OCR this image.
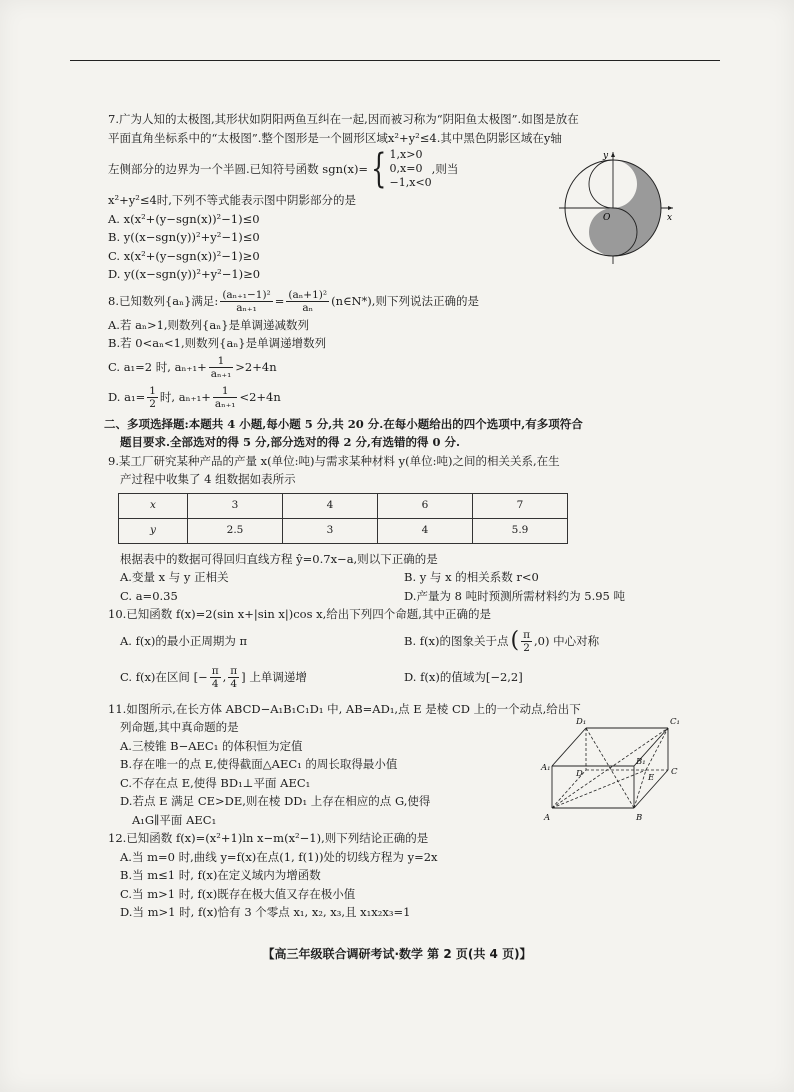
7.广为人知的太极图,其形状如阴阳两鱼互纠在一起,因而被习称为“阴阳鱼太极图”.如图是放在
平面直角坐标系中的“太极图”.整个图形是一个圆形区域x²+y²≤4.其中黑色阴影区域在y轴
左侧部分的边界为一个半圆.已知符号函数 sgn(x)= { 1,x>0
0,x=0
−1,x<0
,则当
x²+y²≤4时,下列不等式能表示图中阴影部分的是
A. x(x²+(y−sgn(x))²−1)≤0
B. y((x−sgn(y))²+y²−1)≤0
C. x(x²+(y−sgn(x))²−1)≥0
D. y((x−sgn(y))²+y²−1)≥0
8.已知数列{aₙ}满足: $\frac{\text{(aₙ₊₁−1)²}}{\text{aₙ₊₁}} = \frac{\text{(aₙ+1)²}}{\text{aₙ}}$ (n∈N*),则下列说法正确的是
A.若 aₙ>1,则数列{aₙ}是单调递减数列
B.若 0<aₙ<1,则数列{aₙ}是单调递增数列
C. a₁=2 时, $a_{n+1}+ \frac{1}{\text{aₙ₊₁}} >2+4n$
D. $a_1= \frac{1}{2}$ 时, $a_{n+1}+ \frac{1}{\text{aₙ₊₁}} <2+4n$
二、多项选择题:本题共 4 小题,每小题 5 分,共 20 分.在每小题给出的四个选项中,有多项符合
题目要求.全部选对的得 5 分,部分选对的得 2 分,有选错的得 0 分.
9.某工厂研究某种产品的产量 x(单位:吨)与需求某种材料 y(单位:吨)之间的相关关系,在生
产过程中收集了 4 组数据如表所示
x	3	4	6	7
y	2.5	3	4	5.9
根据表中的数据可得回归直线方程 ŷ=0.7x−a,则以下正确的是
A.变量 x 与 y 正相关	B. y 与 x 的相关系数 r<0
C. a=0.35	D.产量为 8 吨时预测所需材料约为 5.95 吨
10.已知函数 f(x)=2(sin x+|sin x|)cos x,给出下列四个命题,其中正确的是
A. f(x)的最小正周期为 π	B. f(x)的图象关于点 ( $\frac{\pi}{2} ,0$) 中心对称
C. f(x)在区间 [− $\frac{\pi}{4}$ , $\frac{\pi}{4}$ ] 上单调递增	D. f(x)的值域为[−2,2]
11.如图所示,在长方体 ABCD−A₁B₁C₁D₁ 中, AB=AD₁,点 E 是棱 CD 上的一个动点,给出下
列命题,其中真命题的是
A.三棱锥 B−AEC₁ 的体积恒为定值
B.存在唯一的点 E,使得截面△AEC₁ 的周长取得最小值
C.不存在点 E,使得 BD₁⊥平面 AEC₁
D.若点 E 满足 CE>DE,则在棱 DD₁ 上存在相应的点 G,使得
A₁G∥平面 AEC₁
12.已知函数 f(x)=(x²+1)ln x−m(x²−1),则下列结论正确的是
A.当 m=0 时,曲线 y=f(x)在点(1, f(1))处的切线方程为 y=2x
B.当 m≤1 时, f(x)在定义域内为增函数
C.当 m>1 时, f(x)既存在极大值又存在极小值
D.当 m>1 时, f(x)恰有 3 个零点 x₁, x₂, x₃,且 x₁x₂x₃=1
y
x
O
D₁	C₁
A₁
B₁
D	C
A	B
E
【高三年级联合调研考试·数学 第 2 页(共 4 页)】
